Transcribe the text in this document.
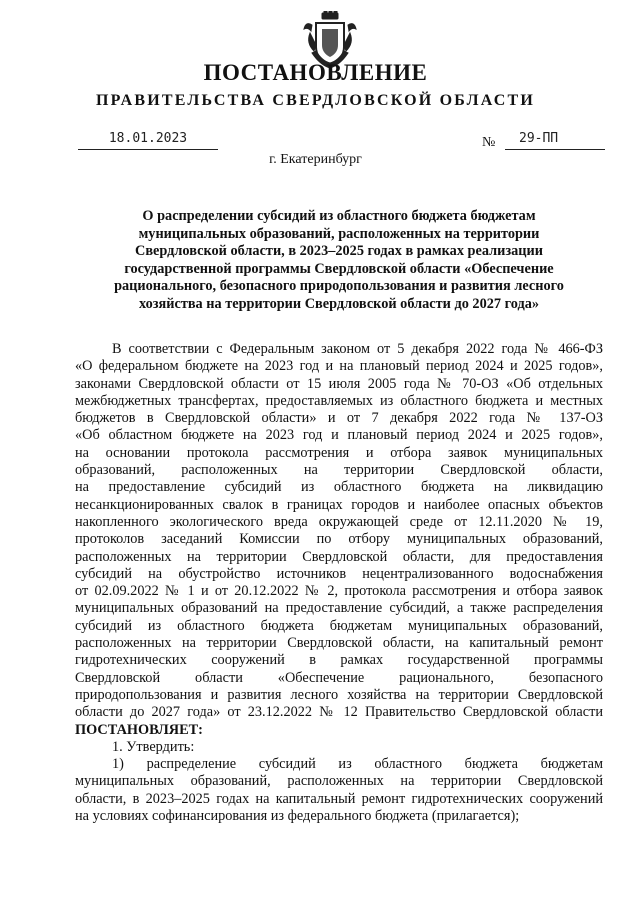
ПОСТАНОВЛЕНИЕ
ПРАВИТЕЛЬСТВА СВЕРДЛОВСКОЙ ОБЛАСТИ
18.01.2023	№	29-ПП
г. Екатеринбург
О распределении субсидий из областного бюджета бюджетам
муниципальных образований, расположенных на территории
Свердловской области, в 2023–2025 годах в рамках реализации
государственной программы Свердловской области «Обеспечение
рационального, безопасного природопользования и развития лесного
хозяйства на территории Свердловской области до 2027 года»
В соответствии с Федеральным законом от 5 декабря 2022 года № 466-ФЗ
«О федеральном бюджете на 2023 год и на плановый период 2024 и 2025 годов»,
законами Свердловской области от 15 июля 2005 года № 70-ОЗ «Об отдельных
межбюджетных трансфертах, предоставляемых из областного бюджета и местных
бюджетов в Свердловской области» и от 7 декабря 2022 года № 137-ОЗ
«Об областном бюджете на 2023 год и плановый период 2024 и 2025 годов»,
на основании протокола рассмотрения и отбора заявок муниципальных
образований, расположенных на территории Свердловской области,
на предоставление субсидий из областного бюджета на ликвидацию
несанкционированных свалок в границах городов и наиболее опасных объектов
накопленного экологического вреда окружающей среде от 12.11.2020 № 19,
протоколов заседаний Комиссии по отбору муниципальных образований,
расположенных на территории Свердловской области, для предоставления
субсидий на обустройство источников нецентрализованного водоснабжения
от 02.09.2022 № 1 и от 20.12.2022 № 2, протокола рассмотрения и отбора заявок
муниципальных образований на предоставление субсидий, а также распределения
субсидий из областного бюджета бюджетам муниципальных образований,
расположенных на территории Свердловской области, на капитальный ремонт
гидротехнических сооружений в рамках государственной программы
Свердловской области «Обеспечение рационального, безопасного
природопользования и развития лесного хозяйства на территории Свердловской
области до 2027 года» от 23.12.2022 № 12 Правительство Свердловской области
ПОСТАНОВЛЯЕТ:
1. Утвердить:
1) распределение субсидий из областного бюджета бюджетам
муниципальных образований, расположенных на территории Свердловской
области, в 2023–2025 годах на капитальный ремонт гидротехнических сооружений
на условиях софинансирования из федерального бюджета (прилагается);
